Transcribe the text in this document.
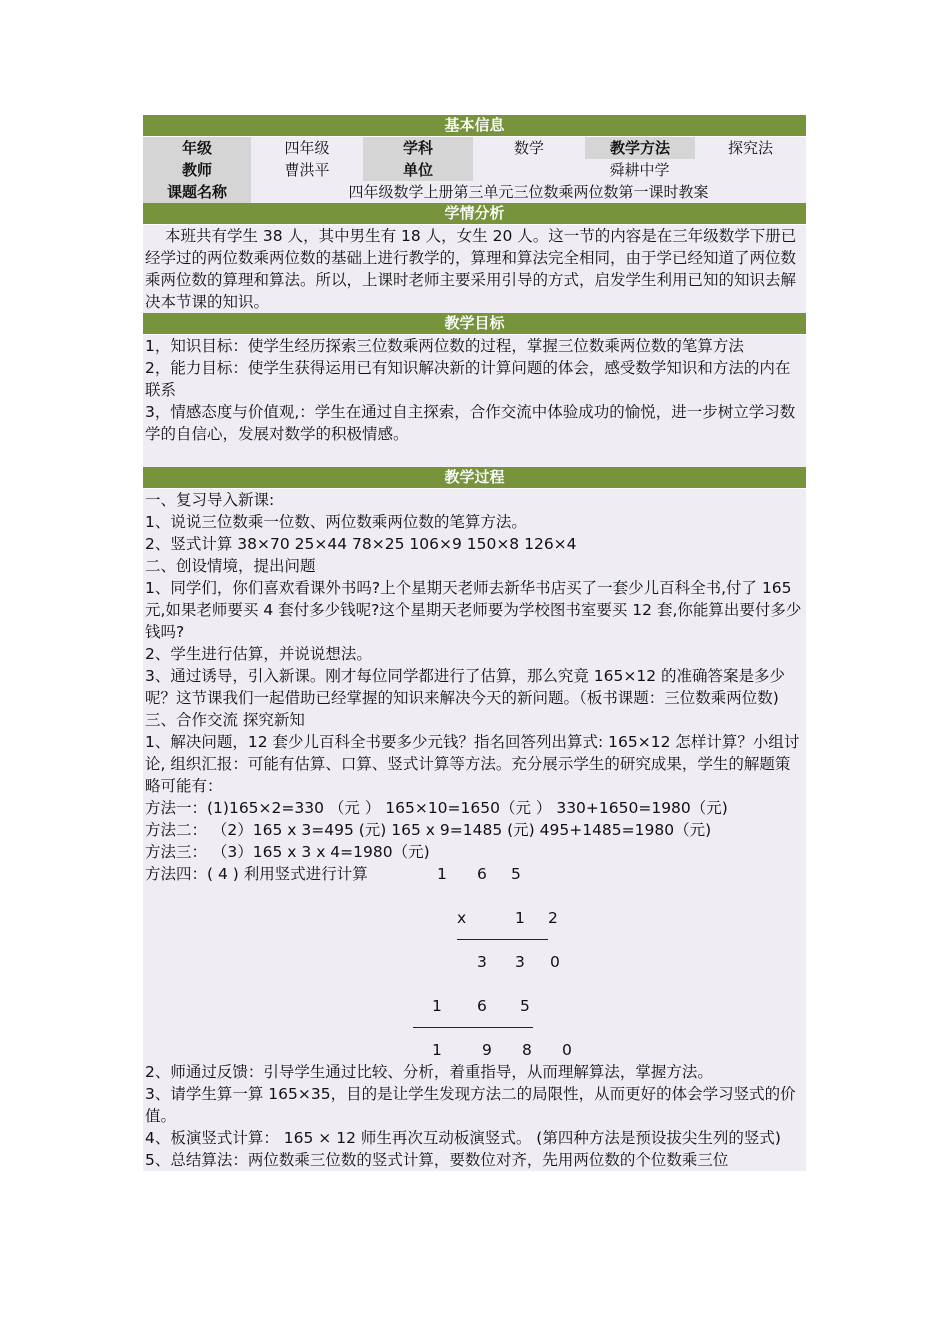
基本信息
年级	四年级	学科	数学	教学方法	探究法
教师	曹洪平	单位	舜耕中学
课题名称	四年级数学上册第三单元三位数乘两位数第一课时教案
学情分析

本班共有学生 38 人，其中男生有 18 人，女生 20 人。这一节的内容是在三年级数学下册已经学过的两位数乘两位数的基础上进行教学的，算理和算法完全相同，由于学已经知道了两位数乘两位数的算理和算法。所以，上课时老师主要采用引导的方式，启发学生利用已知的知识去解决本节课的知识。

教学目标

1，知识目标：使学生经历探索三位数乘两位数的过程，掌握三位数乘两位数的笔算方法

2，能力目标：使学生获得运用已有知识解决新的计算问题的体会，感受数学知识和方法的内在联系

3，情感态度与价值观,：学生在通过自主探索，合作交流中体验成功的愉悦，进一步树立学习数学的自信心，发展对数学的积极情感。

教学过程

一、复习导入新课:

1、说说三位数乘一位数、两位数乘两位数的笔算方法。

2、竖式计算 38×70 25×44 78×25 106×9 150×8 126×4

二、创设情境，提出问题

1、同学们，你们喜欢看课外书吗?上个星期天老师去新华书店买了一套少儿百科全书,付了 165 元,如果老师要买 4 套付多少钱呢?这个星期天老师要为学校图书室要买 12 套,你能算出要付多少钱吗?

2、学生进行估算，并说说想法。

3、通过诱导，引入新课。刚才每位同学都进行了估算，那么究竟 165×12 的准确答案是多少呢？这节课我们一起借助已经掌握的知识来解决今天的新问题。（板书课题：三位数乘两位数)

三、合作交流 探究新知

1、解决问题，12 套少儿百科全书要多少元钱？指名回答列出算式: 165×12 怎样计算？小组讨论, 组织汇报：可能有估算、口算、竖式计算等方法。充分展示学生的研究成果，学生的解题策略可能有：

方法一：(1)165×2=330 （元 ） 165×10=1650（元 ） 330+1650=1980（元)

方法二： （2）165 x 3=495 (元) 165 x 9=1485 (元) 495+1485=1980（元)

方法三： （3）165 x 3 x 4=1980（元)

方法四：( 4 ) 利用竖式进行计算	1 6 5
x	1 2
3 3 0
1 6 5
1	9 8 0

2、师通过反馈：引导学生通过比较、分析，着重指导，从而理解算法，掌握方法。

3、请学生算一算 165×35，目的是让学生发现方法二的局限性，从而更好的体会学习竖式的价值。

4、板演竖式计算： 165 × 12 师生再次互动板演竖式。 (第四种方法是预设拔尖生列的竖式)

5、总结算法：两位数乘三位数的竖式计算，要数位对齐，先用两位数的个位数乘三位
